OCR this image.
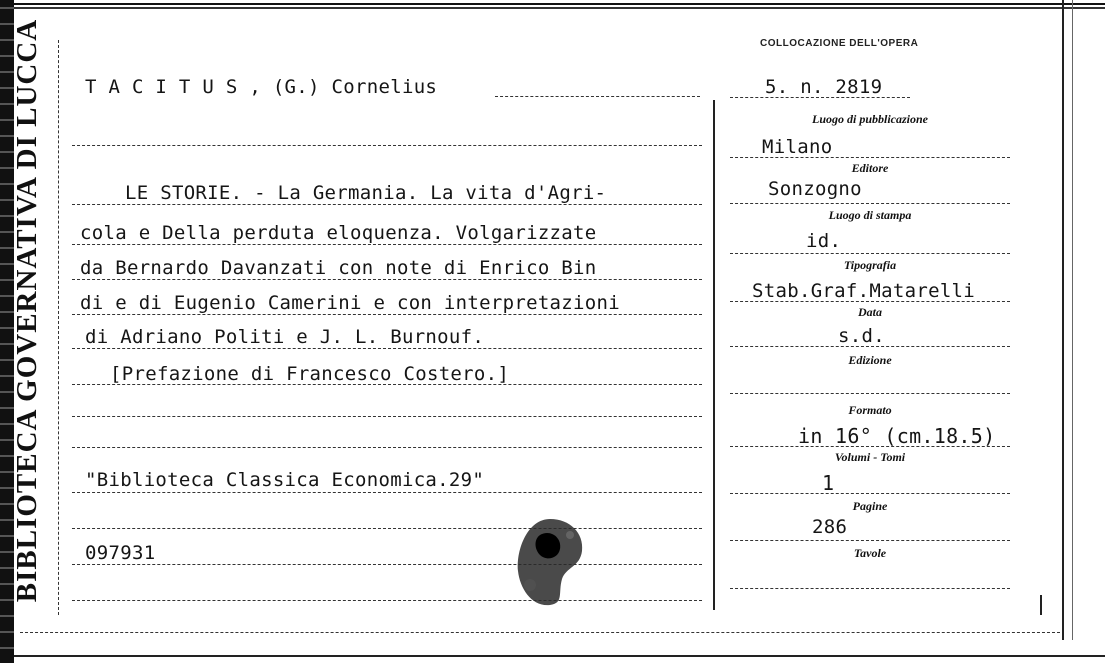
BIBLIOTECA GOVERNATIVA DI LUCCA	COLLOCAZIONE DELL'OPERA
T A C I T U S , (G.) Cornelius	5. n. 2819
LE STORIE. - La Germania. La vita d'Agri-
cola e Della perduta eloquenza. Volgarizzate
da Bernardo Davanzati con note di Enrico Bin
di e di Eugenio Camerini e con interpretazioni
di Adriano Politi e J. L. Burnouf.
[Prefazione di Francesco Costero.]
"Biblioteca Classica Economica.29"
097931
Luogo di pubblicazione
Milano
Editore
Sonzogno
Luogo di stampa
id.
Tipografia
Stab.Graf.Matarelli
Data
s.d.
Edizione
Formato
in 16° (cm.18.5)
Volumi - Tomi
1
Pagine
286
Tavole
